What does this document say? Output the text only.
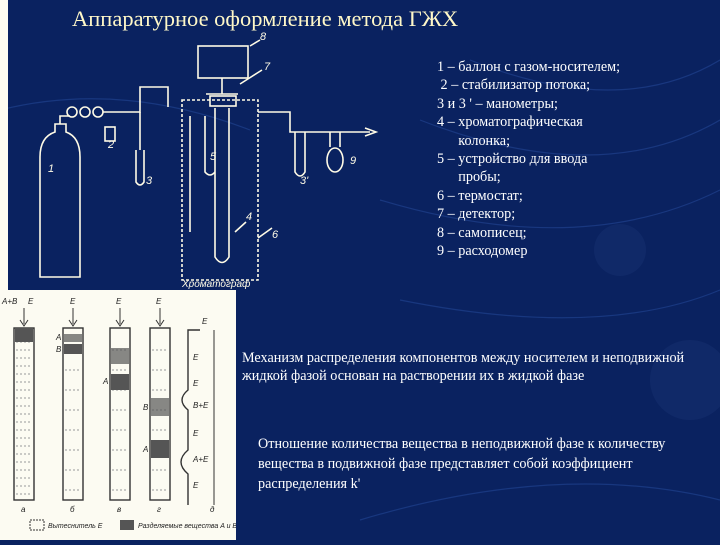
Аппаратурное оформление метода ГЖХ
1
2
3	3'
4
5
6
7
8
9
Хроматограф
1 – баллон с газом-носителем;
2 – стабилизатор потока;
3 и 3 ' – манометры;
4 – хроматографическая
колонка;
5 – устройство для ввода
пробы;
6 – термостат;
7 – детектор;
8 – самописец;
9 – расходомер
A+B E	E	E	E
E
А
В
А
В
А
E
E
B+E
E
A+E
E
а	б	в	г	д
Вытеснитель E	Разделяемые вещества A и B
Механизм распределения компонентов между носителем и неподвижной жидкой фазой основан на растворении их в жидкой фазе
Отношение количества вещества в неподвижной фазе к количеству вещества в подвижной фазе представляет собой коэффициент распределения k'
